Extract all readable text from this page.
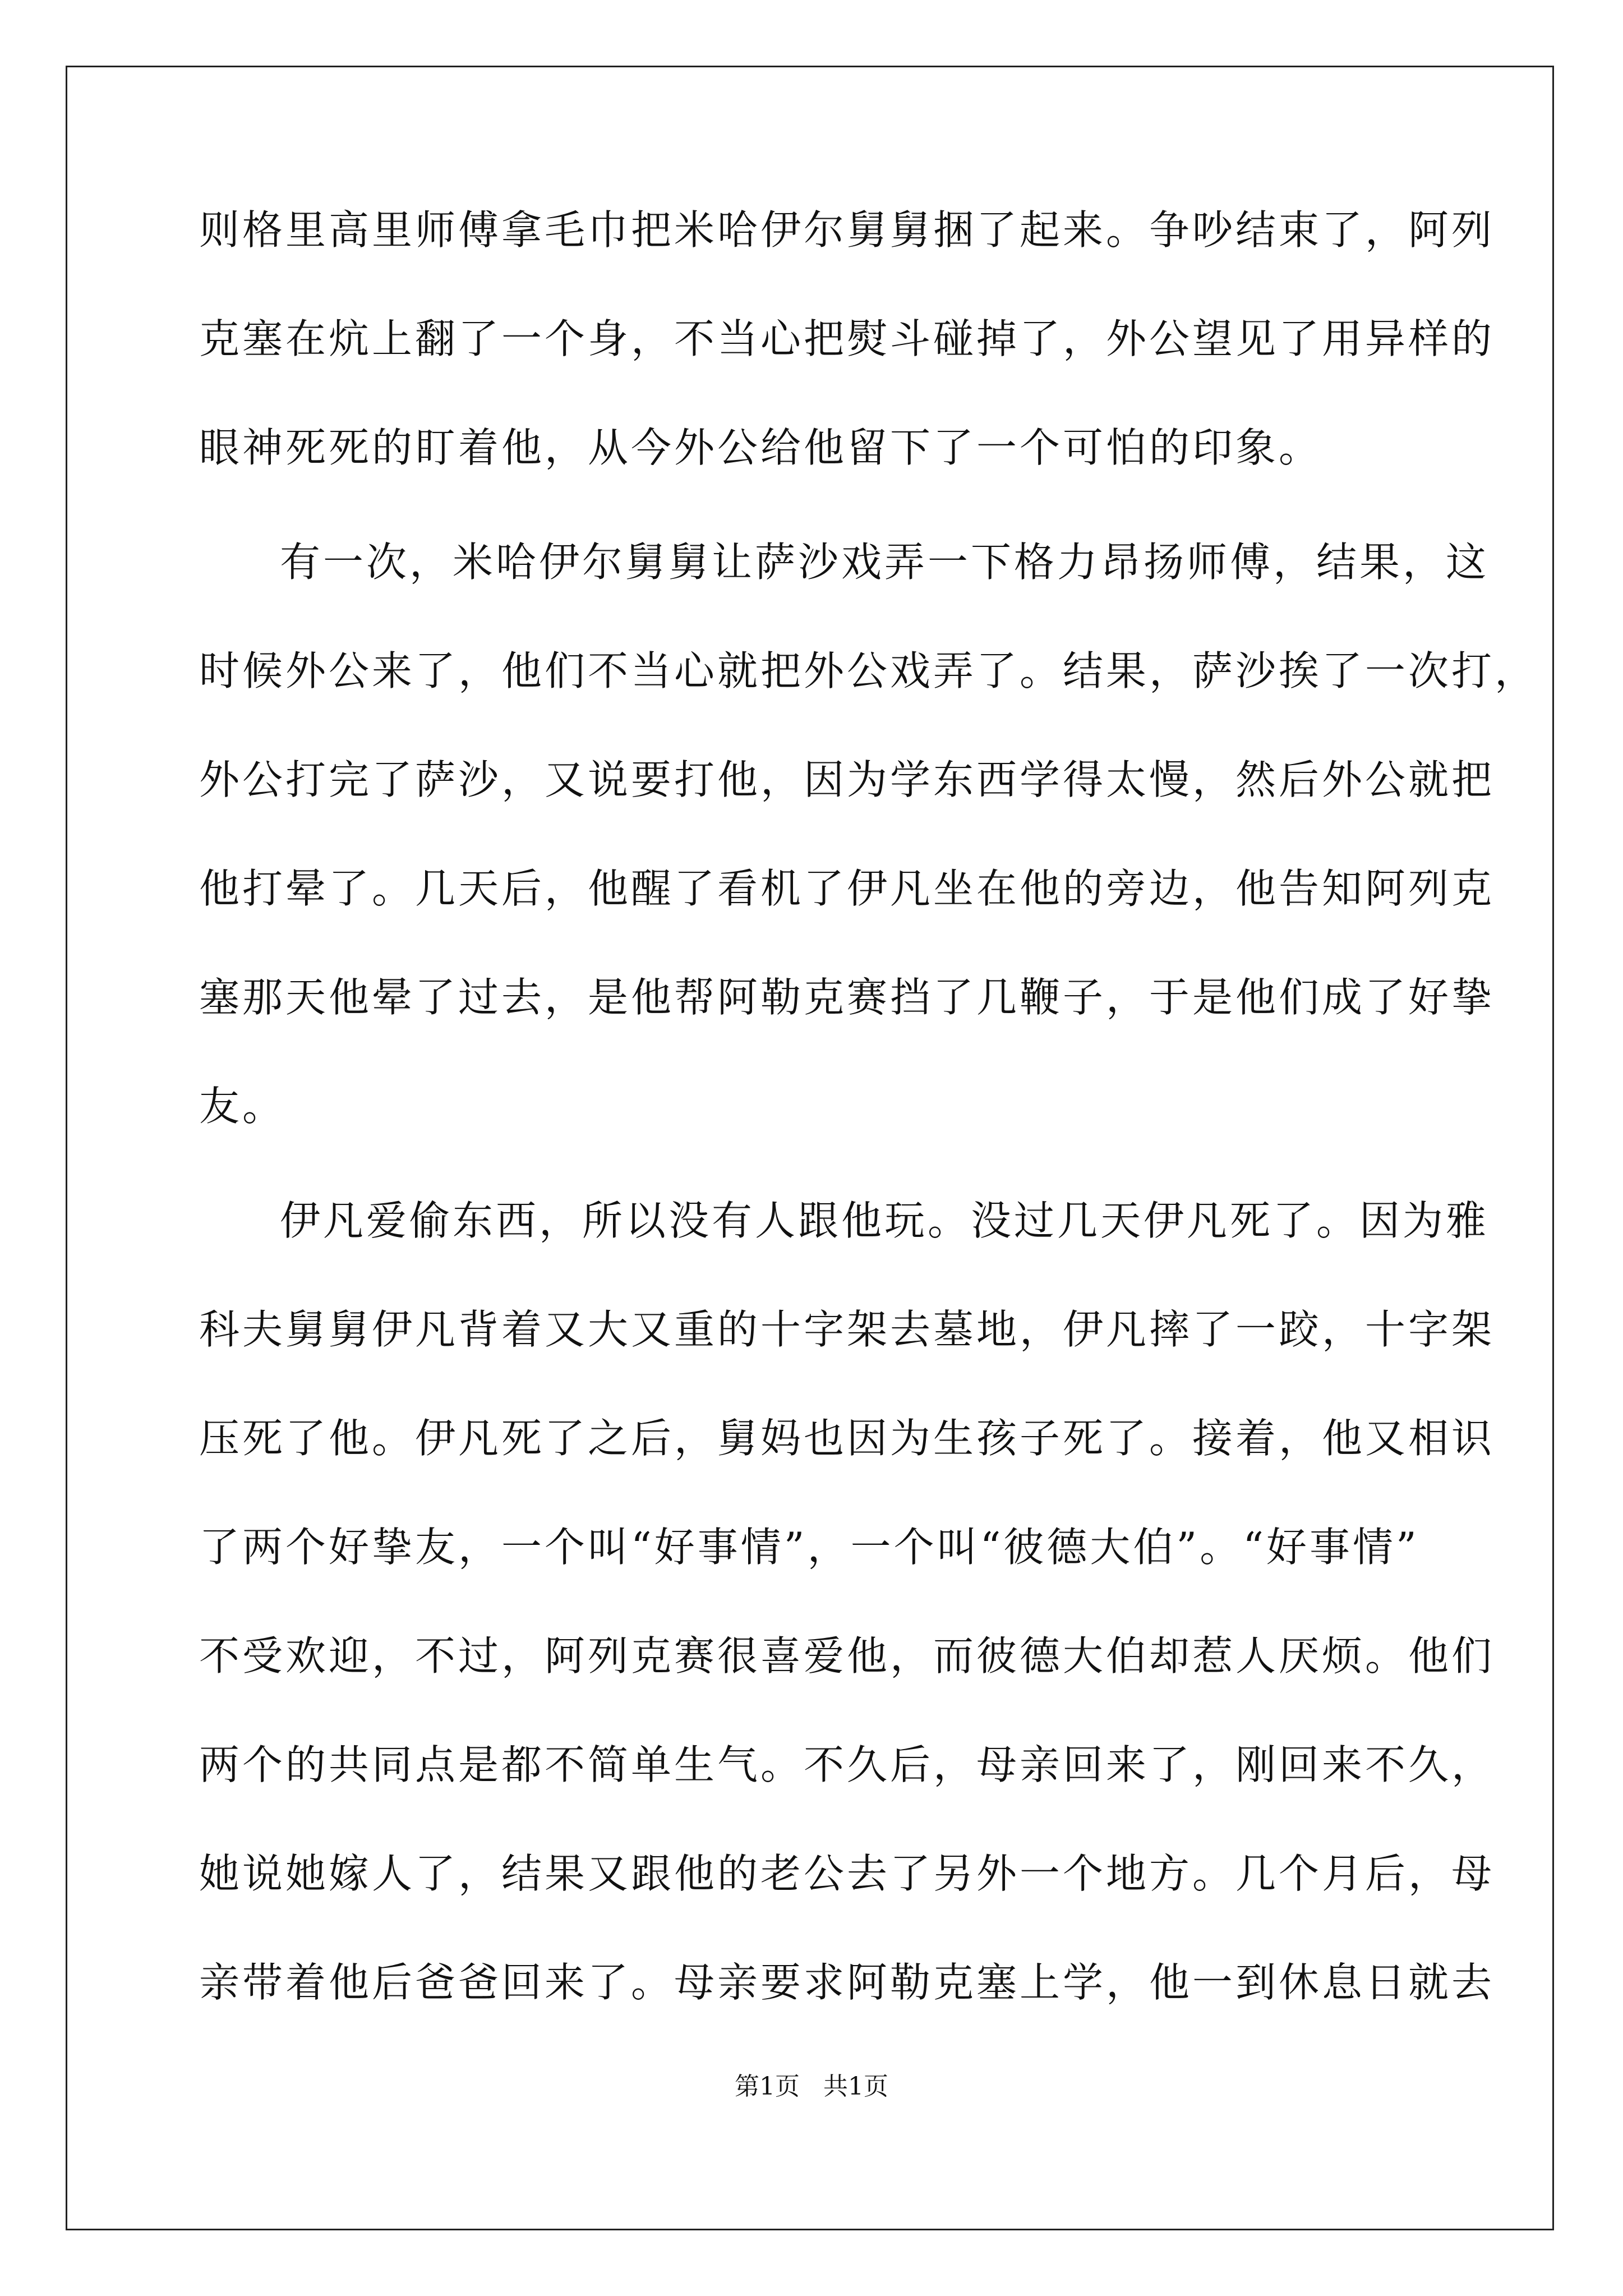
则格里高里师傅拿毛巾把米哈伊尔舅舅捆了起来。争吵结束了，阿列
克塞在炕上翻了一个身，不当心把熨斗碰掉了，外公望见了用异样的
眼神死死的盯着他，从今外公给他留下了一个可怕的印象。
有一次，米哈伊尔舅舅让萨沙戏弄一下格力昂扬师傅，结果，这
时候外公来了，他们不当心就把外公戏弄了。结果，萨沙挨了一次打，
外公打完了萨沙，又说要打他，因为学东西学得太慢，然后外公就把
他打晕了。几天后，他醒了看机了伊凡坐在他的旁边，他告知阿列克
塞那天他晕了过去，是他帮阿勒克赛挡了几鞭子，于是他们成了好挚
友。
伊凡爱偷东西，所以没有人跟他玩。没过几天伊凡死了。因为雅
科夫舅舅伊凡背着又大又重的十字架去墓地，伊凡摔了一跤，十字架
压死了他。伊凡死了之后，舅妈也因为生孩子死了。接着，他又相识
了两个好挚友，一个叫“好事情”，一个叫“彼德大伯”。“好事情”
不受欢迎，不过，阿列克赛很喜爱他，而彼德大伯却惹人厌烦。他们
两个的共同点是都不简单生气。不久后，母亲回来了，刚回来不久，
她说她嫁人了，结果又跟他的老公去了另外一个地方。几个月后，母
亲带着他后爸爸回来了。母亲要求阿勒克塞上学，他一到休息日就去
第1页   共1页
